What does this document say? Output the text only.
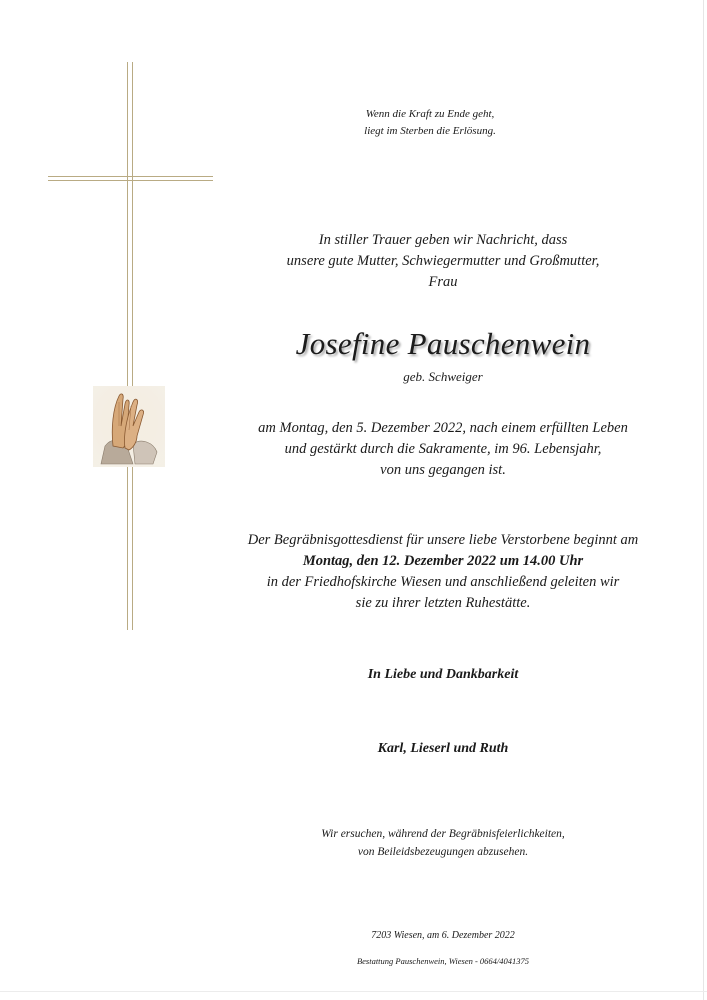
Wenn die Kraft zu Ende geht,
liegt im Sterben die Erlösung.
In stiller Trauer geben wir Nachricht, dass
unsere gute Mutter, Schwiegermutter und Großmutter,
Frau
Josefine Pauschenwein
geb. Schweiger
am Montag, den 5. Dezember 2022, nach einem erfüllten Leben
und gestärkt durch die Sakramente, im 96. Lebensjahr,
von uns gegangen ist.
Der Begräbnisgottesdienst für unsere liebe Verstorbene beginnt am
Montag, den 12. Dezember 2022 um 14.00 Uhr
in der Friedhofskirche Wiesen und anschließend geleiten wir
sie zu ihrer letzten Ruhestätte.
In Liebe und Dankbarkeit
Karl, Lieserl und Ruth
Wir ersuchen, während der Begräbnisfeierlichkeiten,
von Beileidsbezeugungen abzusehen.
7203 Wiesen, am 6. Dezember 2022
Bestattung Pauschenwein, Wiesen - 0664/4041375
